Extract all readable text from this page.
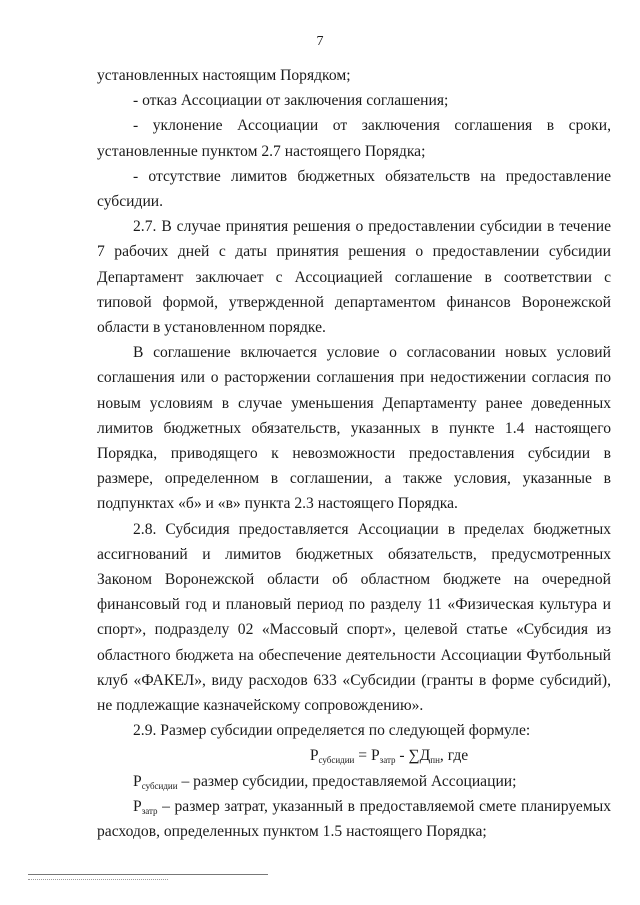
7

установленных настоящим Порядком;

- отказ Ассоциации от заключения соглашения;

- уклонение Ассоциации от заключения соглашения в сроки, установленные пунктом 2.7 настоящего Порядка;

- отсутствие лимитов бюджетных обязательств на предоставление субсидии.

2.7. В случае принятия решения о предоставлении субсидии в течение 7 рабочих дней с даты принятия решения о предоставлении субсидии Департамент заключает с Ассоциацией соглашение в соответствии с типовой формой, утвержденной департаментом финансов Воронежской области в установленном порядке.

В соглашение включается условие о согласовании новых условий соглашения или о расторжении соглашения при недостижении согласия по новым условиям в случае уменьшения Департаменту ранее доведенных лимитов бюджетных обязательств, указанных в пункте 1.4 настоящего Порядка, приводящего к невозможности предоставления субсидии в размере, определенном в соглашении, а также условия, указанные в подпунктах «б» и «в» пункта 2.3 настоящего Порядка.

2.8. Субсидия предоставляется Ассоциации в пределах бюджетных ассигнований и лимитов бюджетных обязательств, предусмотренных Законом Воронежской области об областном бюджете на очередной финансовый год и плановый период по разделу 11 «Физическая культура и спорт», подразделу 02 «Массовый спорт», целевой статье «Субсидия из областного бюджета на обеспечение деятельности Ассоциации Футбольный клуб «ФАКЕЛ», виду расходов 633 «Субсидии (гранты в форме субсидий), не подлежащие казначейскому сопровождению».

2.9. Размер субсидии определяется по следующей формуле:

$Р_{субсидии} = Р_{затр} - \sum Д_{пн}$, где

$Р_{субсидии}$ – размер субсидии, предоставляемой Ассоциации;

$Р_{затр}$ – размер затрат, указанный в предоставляемой смете планируемых расходов, определенных пунктом 1.5 настоящего Порядка;
